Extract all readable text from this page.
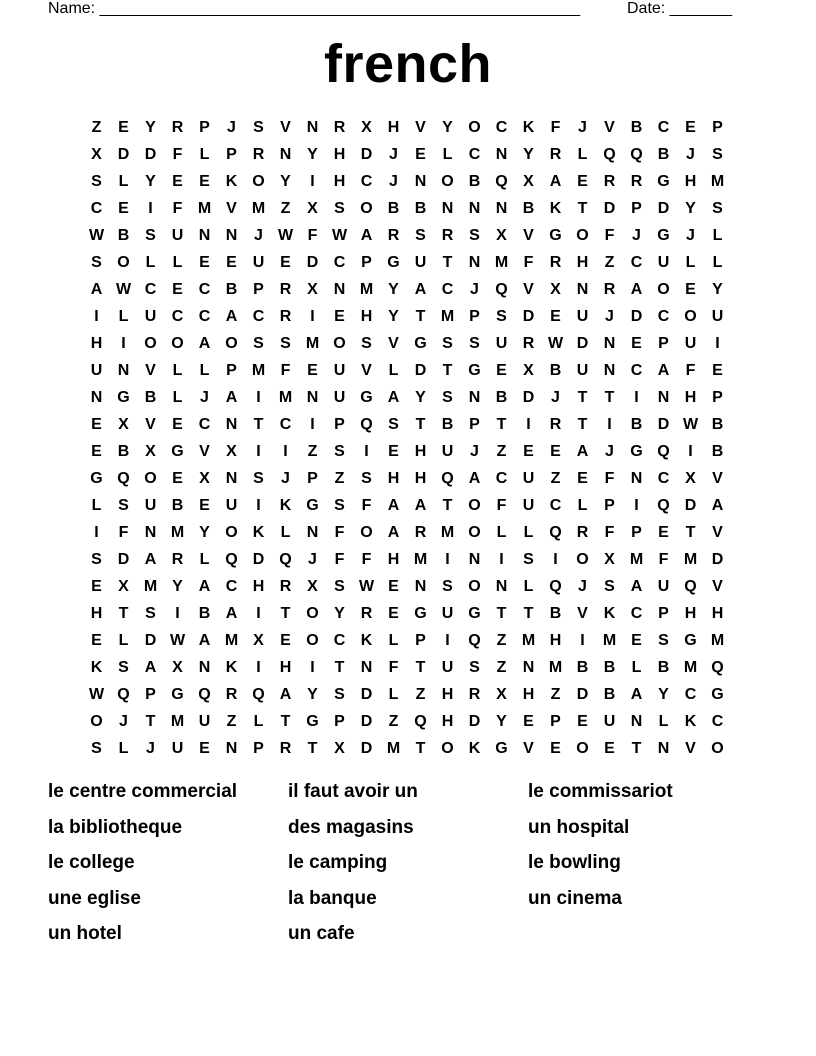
Name: ______________________________________________________	Date: _______
french
Z	E	Y R P	J	S	V N R X H V	Y O C K	F	J	V B C E	P
X D D	F	L	P R N Y H D	J	E	L	C N Y R	L Q Q B	J	S
S	L	Y	E	E K O Y	I	H C	J	N O B Q X A E R R G H M
C E	I	F M V M Z	X	S O B B N N N B K	T	D P D Y	S
W B S U N N	J W F W A R S R S	X	V G O F	J	G	J	L
S O L	L	E	E U E D C P G U	T	N M F	R H	Z	C U	L	L
A W C E C B P R X N M Y A C	J	Q V	X N R A O E	Y
I	L	U C C A C R	I	E H Y	T M P	S D E U	J	D C O U
H	I	O O A O S	S M O S	V G S	S U R W D N E	P U	I
U N V	L	L	P M F	E U V	L	D	T G E	X B U N C A	F	E
N G B	L	J	A	I	M N U G A Y	S N B D	J	T	T	I	N H P
E	X	V	E C N	T	C	I	P Q S	T	B P	T	I	R	T	I	B D W B
E B X G V	X	I	I	Z	S	I	E H U	J	Z	E	E A	J	G Q	I	B
G Q O E	X N S	J	P	Z	S H H Q A C U	Z	E	F	N C X	V
L	S U B E U	I	K G S	F	A A	T O F	U C	L	P	I	Q D A
I	F	N M Y O K	L	N	F O A R M O L	L Q R	F	P	E	T	V
S D A R	L Q D Q	J	F	F	H M	I	N	I	S	I	O X M F M D
E	X M Y A C H R X	S W E N S O N	L Q	J	S A U Q V
H	T	S	I	B A	I	T O Y R E G U G T	T	B V K C P H H
E	L	D W A M X	E O C K	L	P	I	Q Z M H	I	M E	S G M
K S A X N K	I	H	I	T	N	F	T	U S	Z	N M B B	L	B M Q
W Q P G Q R Q A Y	S D	L	Z	H R X H	Z	D B A Y C G
O	J	T M U	Z	L	T G P D	Z Q H D Y	E	P	E U N	L	K C
S	L	J	U E N P R	T	X D M T O K G V	E O E	T	N V O
le centre commercial	il faut avoir un	le commissariot
la bibliotheque	des magasins	un hospital
le college	le camping	le bowling
une eglise	la banque	un cinema
un hotel	un cafe
